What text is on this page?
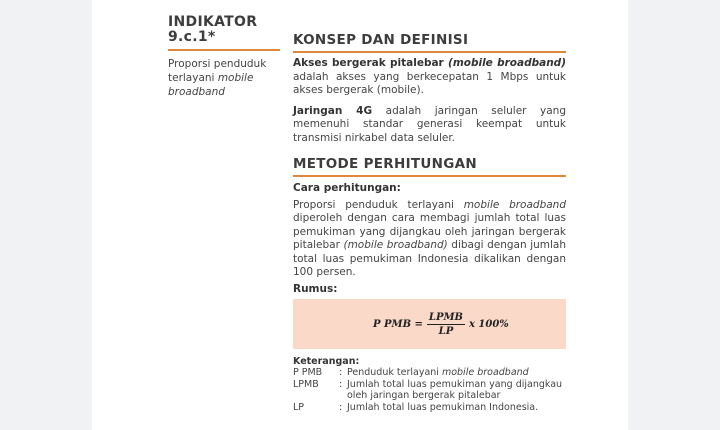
INDIKATOR
9.c.1*
Proporsi penduduk terlayani mobile broadband
KONSEP DAN DEFINISI
Akses bergerak pitalebar (mobile broadband) adalah akses yang berkecepatan 1 Mbps untuk akses bergerak (mobile).
Jaringan 4G adalah jaringan seluler yang memenuhi standar generasi keempat untuk transmisi nirkabel data seluler.
METODE PERHITUNGAN
Cara perhitungan:
Proporsi penduduk terlayani mobile broadband diperoleh dengan cara membagi jumlah total luas pemukiman yang dijangkau oleh jaringan bergerak pitalebar (mobile broadband) dibagi dengan jumlah total luas pemukiman Indonesia dikalikan dengan 100 persen.
Rumus:
P PMB = $\frac{\text{LPMB}}{LP}$ x 100%
Keterangan:
P PMB	: Penduduk terlayani mobile broadband
LPMB	: Jumlah total luas pemukiman yang dijangkau oleh jaringan bergerak pitalebar
LP	: Jumlah total luas pemukiman Indonesia.
